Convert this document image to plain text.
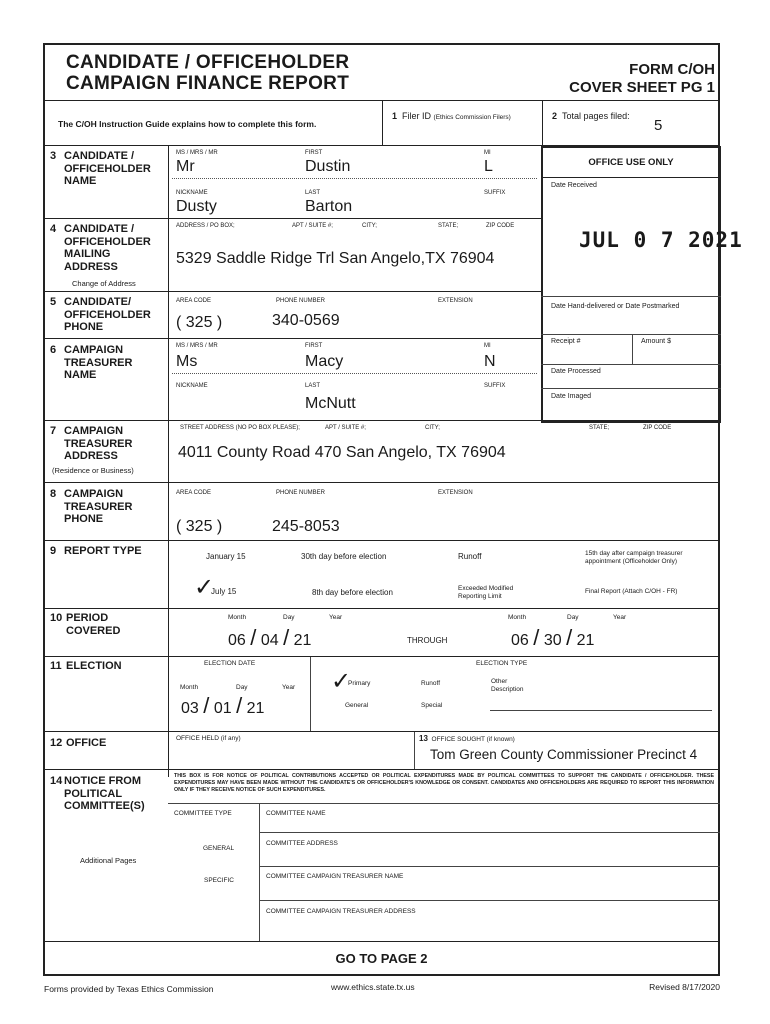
CANDIDATE / OFFICEHOLDER
CAMPAIGN FINANCE REPORT
FORM C/OH
COVER SHEET PG 1
The C/OH Instruction Guide explains how to complete this form.
1 Filer ID (Ethics Commission Filers)	2 Total pages filed:
5
OFFICE USE ONLY
Date Received
JUL 0 7 2021
Date Hand-delivered or Date Postmarked
Receipt #	Amount $
Date Processed
Date Imaged
3 CANDIDATE / OFFICEHOLDER NAME
MS / MRS / MR
Mr
FIRST
Dustin
MI
L
NICKNAME
Dusty
LAST
Barton
SUFFIX
4 CANDIDATE / OFFICEHOLDER MAILING ADDRESS
Change of Address
ADDRESS / PO BOX;	APT / SUITE #;	CITY;	STATE;	ZIP CODE
5329 Saddle Ridge Trl San Angelo,TX 76904
5 CANDIDATE/ OFFICEHOLDER PHONE
AREA CODE	PHONE NUMBER	EXTENSION
( 325 )	340-0569
6 CAMPAIGN TREASURER NAME
MS / MRS / MR
Ms
FIRST
Macy
MI
N
NICKNAME	LAST
McNutt
SUFFIX
7 CAMPAIGN TREASURER ADDRESS
(Residence or Business)
STREET ADDRESS (NO PO BOX PLEASE);	APT / SUITE #;	CITY;	STATE;	ZIP CODE
4011 County Road 470 San Angelo, TX 76904
8 CAMPAIGN TREASURER PHONE
AREA CODE	PHONE NUMBER	EXTENSION
( 325 )	245-8053
9 REPORT TYPE	January 15	30th day before election	Runoff	15th day after campaign treasurer appointment (Officeholder Only)
✓
July 15	8th day before election	Exceeded Modified Reporting Limit
Final Report (Attach C/OH - FR)
10 PERIOD COVERED
Month	Day	Year
06 / 04 / 21	THROUGH
Month	Day	Year
06 / 30 / 21
11 ELECTION	ELECTION DATE
Month	Day	Year
03 / 01 / 21
ELECTION TYPE
✓
Primary	Runoff	Other Description
General	Special
12 OFFICE	OFFICE HELD (if any)	13 OFFICE SOUGHT (if known)
Tom Green County Commissioner Precinct 4
14 NOTICE FROM POLITICAL COMMITTEE(S)
Additional Pages
THIS BOX IS FOR NOTICE OF POLITICAL CONTRIBUTIONS ACCEPTED OR POLITICAL EXPENDITURES MADE BY POLITICAL COMMITTEES TO SUPPORT THE CANDIDATE / OFFICEHOLDER. THESE EXPENDITURES MAY HAVE BEEN MADE WITHOUT THE CANDIDATE'S OR OFFICEHOLDER'S KNOWLEDGE OR CONSENT. CANDIDATES AND OFFICEHOLDERS ARE REQUIRED TO REPORT THIS INFORMATION ONLY IF THEY RECEIVE NOTICE OF SUCH EXPENDITURES.
COMMITTEE TYPE	COMMITTEE NAME
COMMITTEE ADDRESS
GENERAL
SPECIFIC
COMMITTEE CAMPAIGN TREASURER NAME
COMMITTEE CAMPAIGN TREASURER ADDRESS
GO TO PAGE 2
Forms provided by Texas Ethics Commission	www.ethics.state.tx.us	Revised 8/17/2020
